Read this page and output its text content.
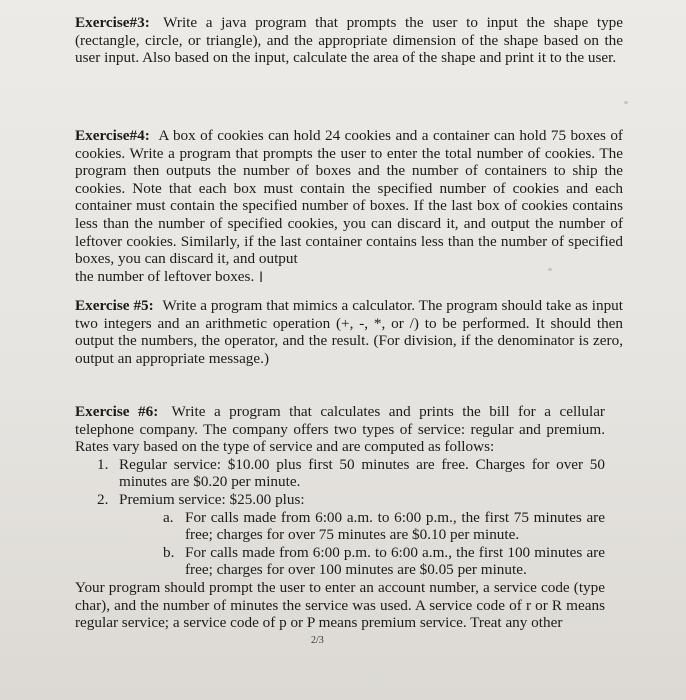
Exercise#3: Write a java program that prompts the user to input the shape type (rectangle, circle, or triangle), and the appropriate dimension of the shape based on the user input. Also based on the input, calculate the area of the shape and print it to the user.

Exercise#4: A box of cookies can hold 24 cookies and a container can hold 75 boxes of cookies. Write a program that prompts the user to enter the total number of cookies. The program then outputs the number of boxes and the number of containers to ship the cookies. Note that each box must contain the specified number of cookies and each container must contain the specified number of boxes. If the last box of cookies contains less than the number of specified cookies, you can discard it, and output the number of leftover cookies. Similarly, if the last container contains less than the number of specified boxes, you can discard it, and output
the number of leftover boxes. I

Exercise #5: Write a program that mimics a calculator. The program should take as input two integers and an arithmetic operation (+, -, *, or /) to be performed. It should then output the numbers, the operator, and the result. (For division, if the denominator is zero, output an appropriate message.)

Exercise #6: Write a program that calculates and prints the bill for a cellular telephone company. The company offers two types of service: regular and premium. Rates vary based on the type of service and are computed as follows:
1. Regular service: $10.00 plus first 50 minutes are free. Charges for over 50 minutes are $0.20 per minute.
2. Premium service: $25.00 plus:
a. For calls made from 6:00 a.m. to 6:00 p.m., the first 75 minutes are free; charges for over 75 minutes are $0.10 per minute.
b. For calls made from 6:00 p.m. to 6:00 a.m., the first 100 minutes are free; charges for over 100 minutes are $0.05 per minute.
Your program should prompt the user to enter an account number, a service code (type char), and the number of minutes the service was used. A service code of r or R means regular service; a service code of p or P means premium service. Treat any other
2/3
